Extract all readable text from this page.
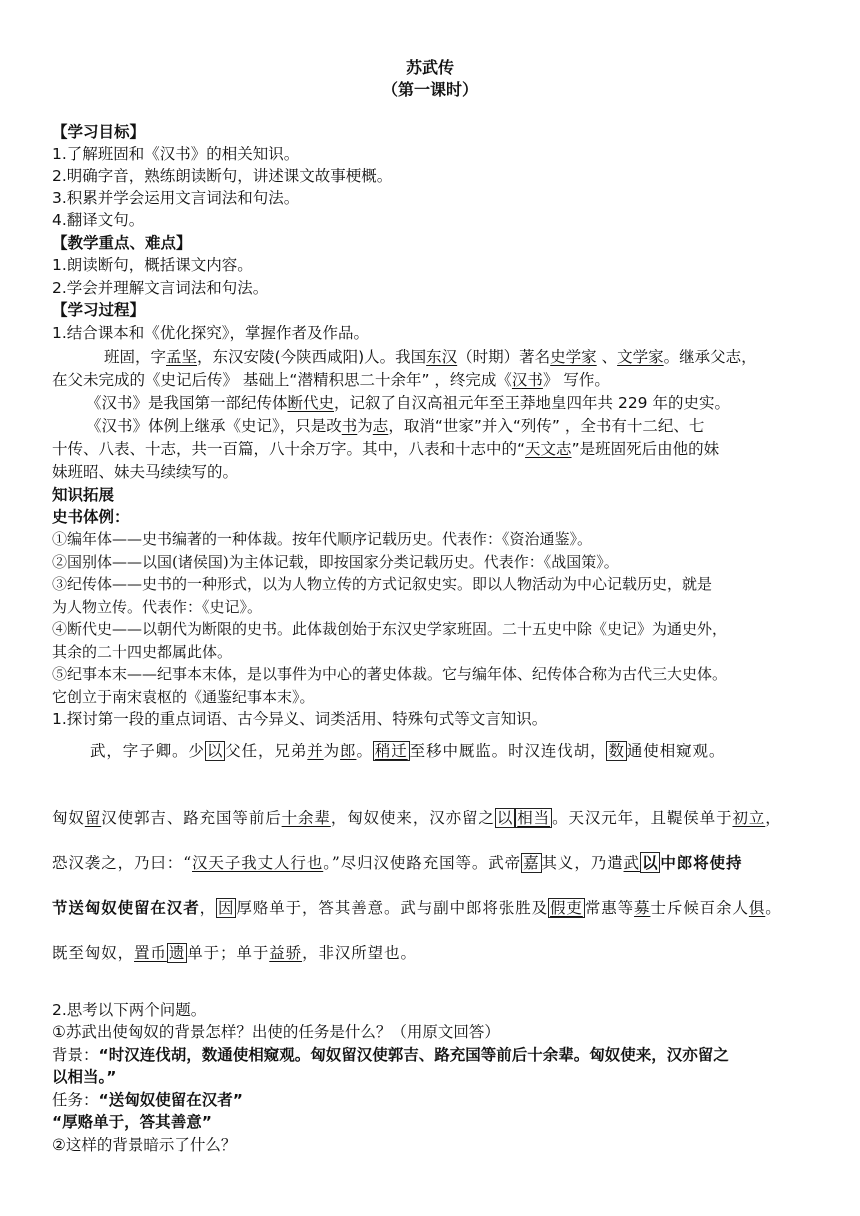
苏武传
（第一课时）
【学习目标】
1.了解班固和《汉书》的相关知识。
2.明确字音，熟练朗读断句，讲述课文故事梗概。
3.积累并学会运用文言词法和句法。
4.翻译文句。
【教学重点、难点】
1.朗读断句，概括课文内容。
2.学会并理解文言词法和句法。
【学习过程】
1.结合课本和《优化探究》，掌握作者及作品。
班固，字孟坚，东汉安陵(今陕西咸阳)人。我国东汉（时期）著名史学家 、文学家。继承父志，
在父未完成的《史记后传》 基础上“潜精积思二十余年” ，终完成《汉书》 写作。
《汉书》是我国第一部纪传体断代史，记叙了自汉高祖元年至王莽地皇四年共 229 年的史实。
《汉书》体例上继承《史记》，只是改书为志，取消“世家”并入“列传” ，全书有十二纪、七
十传、八表、十志，共一百篇，八十余万字。其中，八表和十志中的“天文志”是班固死后由他的妹
妹班昭、妹夫马续续写的。
知识拓展
史书体例：
①编年体——史书编著的一种体裁。按年代顺序记载历史。代表作：《资治通鉴》。
②国别体——以国(诸侯国)为主体记载，即按国家分类记载历史。代表作：《战国策》。
③纪传体——史书的一种形式，以为人物立传的方式记叙史实。即以人物活动为中心记载历史，就是
为人物立传。代表作：《史记》。
④断代史——以朝代为断限的史书。此体裁创始于东汉史学家班固。二十五史中除《史记》为通史外，
其余的二十四史都属此体。
⑤纪事本末——纪事本末体，是以事件为中心的著史体裁。它与编年体、纪传体合称为古代三大史体。
它创立于南宋袁枢的《通鉴纪事本末》。
1.探讨第一段的重点词语、古今异义、词类活用、特殊句式等文言知识。
武，字子卿。少 以 父任，兄弟并为郎。 稍迁 至移中厩监。时汉连伐胡， 数 通使相窥观。
匈奴留汉使郭吉、路充国等前后十余辈，匈奴使来，汉亦留之 以 相当 。天汉元年，且鞮侯单于初立，
恐汉袭之，乃曰：“汉天子我丈人行也。”尽归汉使路充国等。武帝 嘉 其义，乃遣武 以 中郎将使持
节送匈奴使留在汉者， 因 厚赂单于，答其善意。武与副中郎将张胜及 假吏 常惠等募士斥候百余人俱。
既至匈奴，置币 遗 单于；单于益骄，非汉所望也。
2.思考以下两个问题。
①苏武出使匈奴的背景怎样？出使的任务是什么？（用原文回答）
背景：“时汉连伐胡，数通使相窥观。匈奴留汉使郭吉、路充国等前后十余辈。匈奴使来，汉亦留之
以相当。”
任务：“送匈奴使留在汉者”
“厚赂单于，答其善意”
②这样的背景暗示了什么？
